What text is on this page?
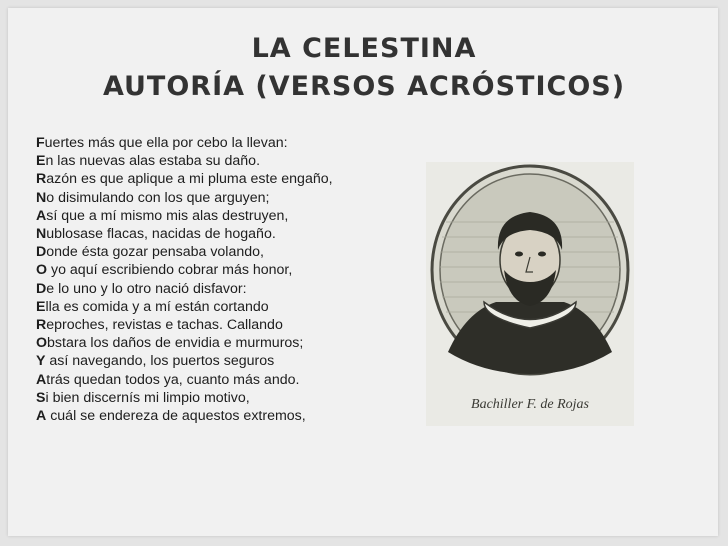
LA CELESTINA
AUTORÍA (VERSOS ACRÓSTICOS)
Fuertes más que ella por cebo la llevan:
En las nuevas alas estaba su daño.
Razón es que aplique a mi pluma este engaño,
No disimulando con los que arguyen;
Así que a mí mismo mis alas destruyen,
Nublosase flacas, nacidas de hogaño.
Donde ésta gozar pensaba volando,
O yo aquí escribiendo cobrar más honor,
De lo uno y lo otro nació disfavor:
Ella es comida y a mí están cortando
Reproches, revistas e tachas. Callando
Obstara los daños de envidia e murmuros;
Y así navegando, los puertos seguros
Atrás quedan todos ya, cuanto más ando.
Si bien discernís mi limpio motivo,
A cuál se endereza de aquestos extremos,
Bachiller F. de Rojas
